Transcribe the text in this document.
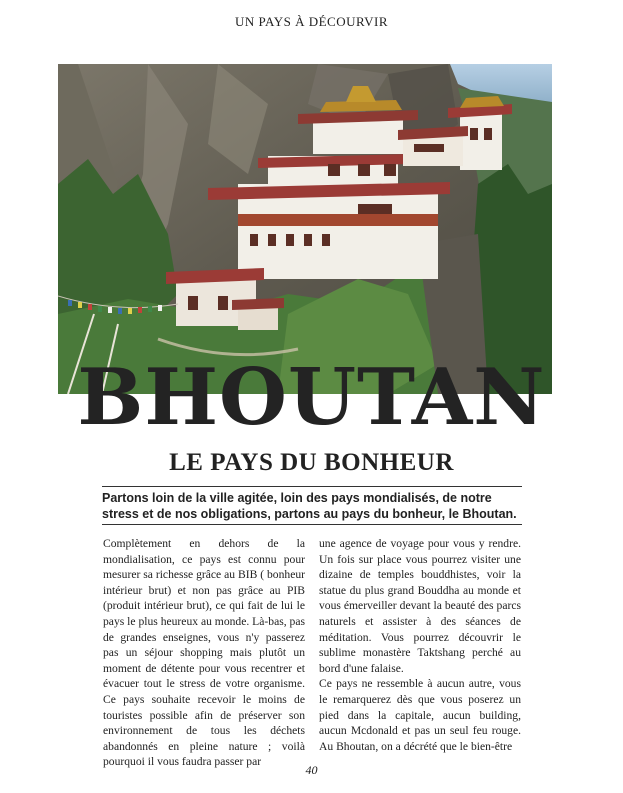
UN PAYS À DÉCOURVIR
BHOUTAN
LE PAYS DU BONHEUR
Partons loin de la ville agitée, loin des pays mondialisés, de notre stress et de nos obligations, partons au pays du bonheur, le Bhoutan.

Complètement en dehors de la mondialisation, ce pays est connu pour mesurer sa richesse grâce au BIB ( bonheur intérieur brut) et non pas grâce au PIB (produit intérieur brut), ce qui fait de lui le pays le plus heureux au monde. Là-bas, pas de grandes enseignes, vous n'y passerez pas un séjour shopping mais plutôt un moment de détente pour vous recentrer et évacuer tout le stress de votre organisme. Ce pays souhaite recevoir le moins de touristes possible afin de préserver son environnement de tous les déchets abandonnés en pleine nature ; voilà pourquoi il vous faudra passer par

une agence de voyage pour vous y rendre. Un fois sur place vous pourrez visiter une dizaine de temples bouddhistes, voir la statue du plus grand Bouddha au monde et vous émerveiller devant la beauté des parcs naturels et assister à des séances de méditation. Vous pourrez découvrir le sublime monastère Taktshang perché au bord d'une falaise.

Ce pays ne ressemble à aucun autre, vous le remarquerez dès que vous poserez un pied dans la capitale, aucun building, aucun Mcdonald et pas un seul feu rouge. Au Bhoutan, on a décrété que le bien-être

40
